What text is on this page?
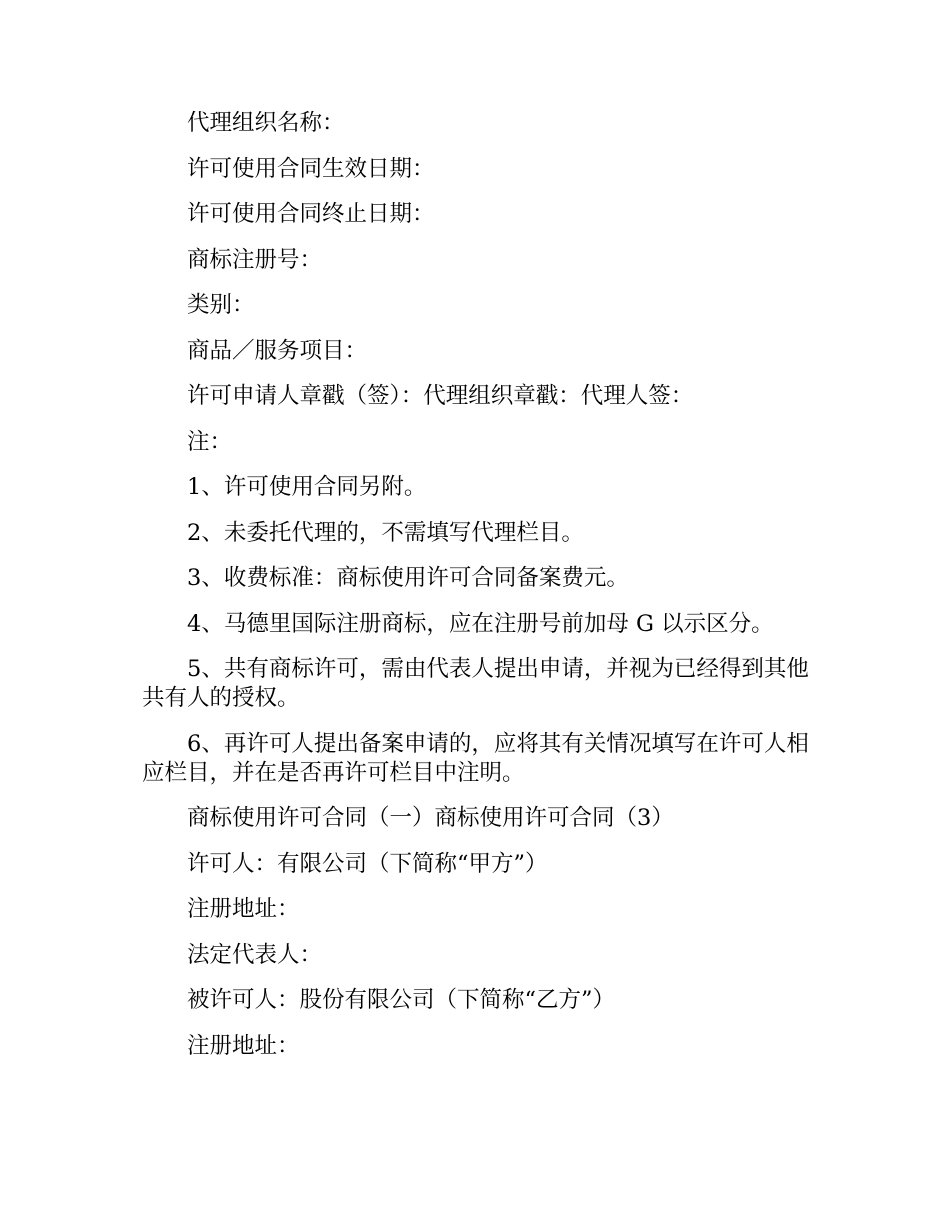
代理组织名称：

许可使用合同生效日期：

许可使用合同终止日期：

商标注册号：

类别：

商品／服务项目：

许可申请人章戳（签）：代理组织章戳：代理人签：

注：

1、许可使用合同另附。

2、未委托代理的，不需填写代理栏目。

3、收费标准：商标使用许可合同备案费元。

4、马德里国际注册商标，应在注册号前加母 G 以示区分。

5、共有商标许可，需由代表人提出申请，并视为已经得到其他共有人的授权。

6、再许可人提出备案申请的，应将其有关情况填写在许可人相应栏目，并在是否再许可栏目中注明。

商标使用许可合同（一）商标使用许可合同（3）

许可人：有限公司（下简称“甲方”）

注册地址：

法定代表人：

被许可人：股份有限公司（下简称“乙方”）

注册地址：
